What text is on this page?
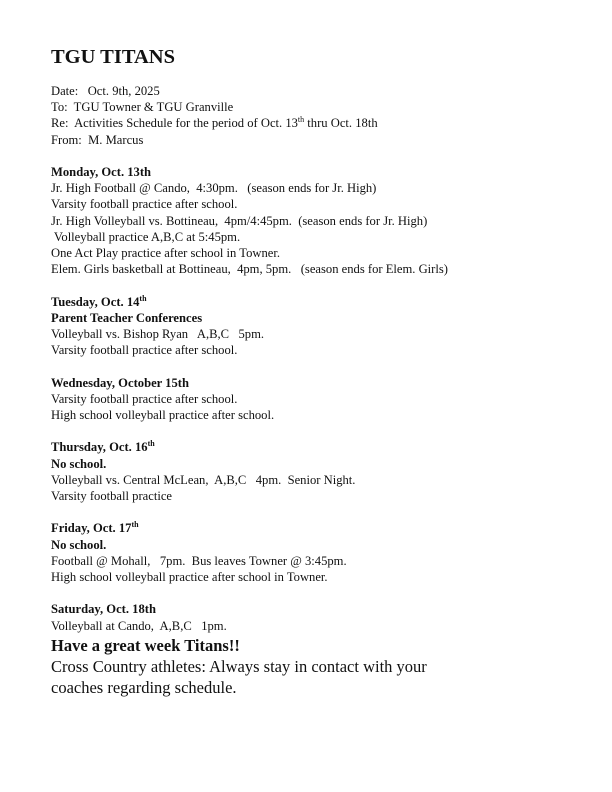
TGU TITANS
Date:   Oct. 9th, 2025
To:  TGU Towner & TGU Granville
Re:  Activities Schedule for the period of Oct. 13th thru Oct. 18th
From:  M. Marcus
Monday, Oct. 13th
Jr. High Football @ Cando,  4:30pm.   (season ends for Jr. High)
Varsity football practice after school.
Jr. High Volleyball vs. Bottineau,  4pm/4:45pm.  (season ends for Jr. High)
Volleyball practice A,B,C at 5:45pm.
One Act Play practice after school in Towner.
Elem. Girls basketball at Bottineau,  4pm, 5pm.   (season ends for Elem. Girls)
Tuesday, Oct. 14th
Parent Teacher Conferences
Volleyball vs. Bishop Ryan   A,B,C   5pm.
Varsity football practice after school.
Wednesday, October 15th
Varsity football practice after school.
High school volleyball practice after school.
Thursday, Oct. 16th
No school.
Volleyball vs. Central McLean,  A,B,C   4pm.  Senior Night.
Varsity football practice
Friday, Oct. 17th
No school.
Football @ Mohall,   7pm.  Bus leaves Towner @ 3:45pm.
High school volleyball practice after school in Towner.
Saturday, Oct. 18th
Volleyball at Cando,  A,B,C   1pm.
Have a great week Titans!!
Cross Country athletes: Always stay in contact with your
coaches regarding schedule.
